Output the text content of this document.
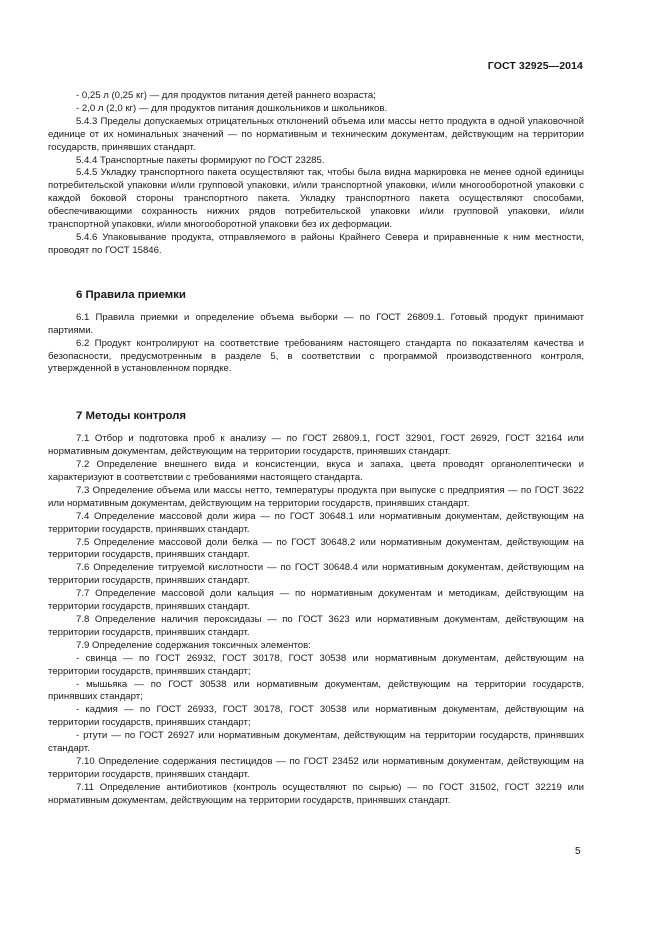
ГОСТ 32925—2014

- 0,25 л (0,25 кг) — для продуктов питания детей раннего возраста;

- 2,0 л (2,0 кг) — для продуктов питания дошкольников и школьников.

5.4.3 Пределы допускаемых отрицательных отклонений объема или массы нетто продукта в одной упаковочной единице от их номинальных значений — по нормативным и техническим документам, действующим на территории государств, принявших стандарт.

5.4.4 Транспортные пакеты формируют по ГОСТ 23285.

5.4.5 Укладку транспортного пакета осуществляют так, чтобы была видна маркировка не менее одной единицы потребительской упаковки и/или групповой упаковки, и/или транспортной упаковки, и/или многооборотной упаковки с каждой боковой стороны транспортного пакета. Укладку транспортного пакета осуществляют способами, обеспечивающими сохранность нижних рядов потребительской упаковки и/или групповой упаковки, и/или транспортной упаковки, и/или многооборотной упаковки без их деформации.

5.4.6 Упаковывание продукта, отправляемого в районы Крайнего Севера и приравненные к ним местности, проводят по ГОСТ 15846.

6 Правила приемки

6.1 Правила приемки и определение объема выборки — по ГОСТ 26809.1. Готовый продукт принимают партиями.

6.2 Продукт контролируют на соответствие требованиям настоящего стандарта по показателям качества и безопасности, предусмотренным в разделе 5, в соответствии с программой производственного контроля, утвержденной в установленном порядке.

7 Методы контроля

7.1 Отбор и подготовка проб к анализу — по ГОСТ 26809.1, ГОСТ 32901, ГОСТ 26929, ГОСТ 32164 или нормативным документам, действующим на территории государств, принявших стандарт.

7.2 Определение внешнего вида и консистенции, вкуса и запаха, цвета проводят органолептически и характеризуют в соответствии с требованиями настоящего стандарта.

7.3 Определение объема или массы нетто, температуры продукта при выпуске с предприятия — по ГОСТ 3622 или нормативным документам, действующим на территории государств, принявших стандарт.

7.4 Определение массовой доли жира — по ГОСТ 30648.1 или нормативным документам, действующим на территории государств, принявших стандарт.

7.5 Определение массовой доли белка — по ГОСТ 30648.2 или нормативным документам, действующим на территории государств, принявших стандарт.

7.6 Определение титруемой кислотности — по ГОСТ 30648.4 или нормативным документам, действующим на территории государств, принявших стандарт.

7.7 Определение массовой доли кальция — по нормативным документам и методикам, действующим на территории государств, принявших стандарт.

7.8 Определение наличия пероксидазы — по ГОСТ 3623 или нормативным документам, действующим на территории государств, принявших стандарт.

7.9 Определение содержания токсичных элементов:

- свинца — по ГОСТ 26932, ГОСТ 30178, ГОСТ 30538 или нормативным документам, действующим на территории государств, принявших стандарт;

- мышьяка — по ГОСТ 30538 или нормативным документам, действующим на территории государств, принявших стандарт;

- кадмия — по ГОСТ 26933, ГОСТ 30178, ГОСТ 30538 или нормативным документам, действующим на территории государств, принявших стандарт;

- ртути — по ГОСТ 26927 или нормативным документам, действующим на территории государств, принявших стандарт.

7.10 Определение содержания пестицидов — по ГОСТ 23452 или нормативным документам, действующим на территории государств, принявших стандарт.

7.11 Определение антибиотиков (контроль осуществляют по сырью) — по ГОСТ 31502, ГОСТ 32219 или нормативным документам, действующим на территории государств, принявших стандарт.

5
